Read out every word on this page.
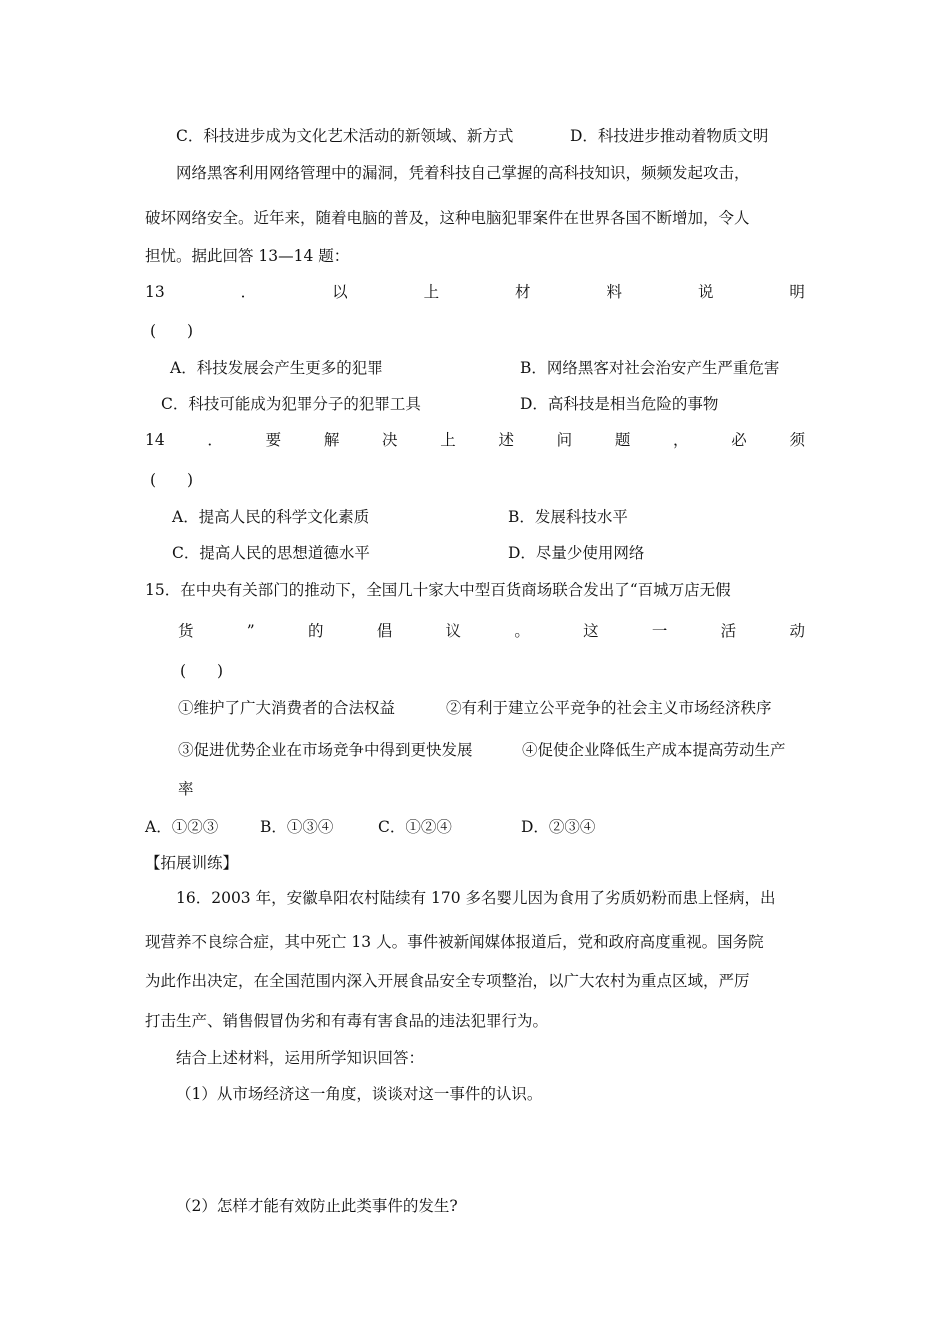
C．科技进步成为文化艺术活动的新领域、新方式	D．科技进步推动着物质文明
网络黑客利用网络管理中的漏洞，凭着科技自己掌握的高科技知识，频频发起攻击，
破坏网络安全。近年来，随着电脑的普及，这种电脑犯罪案件在世界各国不断增加，令人
担忧。据此回答 13—14 题：
13	．	以	上	材	料	说	明
(　　)
A．科技发展会产生更多的犯罪	B．网络黑客对社会治安产生严重危害
C．科技可能成为犯罪分子的犯罪工具	D．高科技是相当危险的事物
14	．	要	解	决	上	述	问	题	，	必	须
(　　)
A．提高人民的科学文化素质	B．发展科技水平
C．提高人民的思想道德水平	D．尽量少使用网络
15．在中央有关部门的推动下，全国几十家大中型百货商场联合发出了“百城万店无假
货	”	的	倡	议	。	这	一	活	动
(　　)
①维护了广大消费者的合法权益	②有利于建立公平竞争的社会主义市场经济秩序
③促进优势企业在市场竞争中得到更快发展	④促使企业降低生产成本提高劳动生产
率
A．①②③	B．①③④	C．①②④	D．②③④
【拓展训练】
16．2003 年，安徽阜阳农村陆续有 170 多名婴儿因为食用了劣质奶粉而患上怪病，出
现营养不良综合症，其中死亡 13 人。事件被新闻媒体报道后，党和政府高度重视。国务院
为此作出决定，在全国范围内深入开展食品安全专项整治，以广大农村为重点区域，严厉
打击生产、销售假冒伪劣和有毒有害食品的违法犯罪行为。
结合上述材料，运用所学知识回答：
（1）从市场经济这一角度，谈谈对这一事件的认识。
（2）怎样才能有效防止此类事件的发生?
